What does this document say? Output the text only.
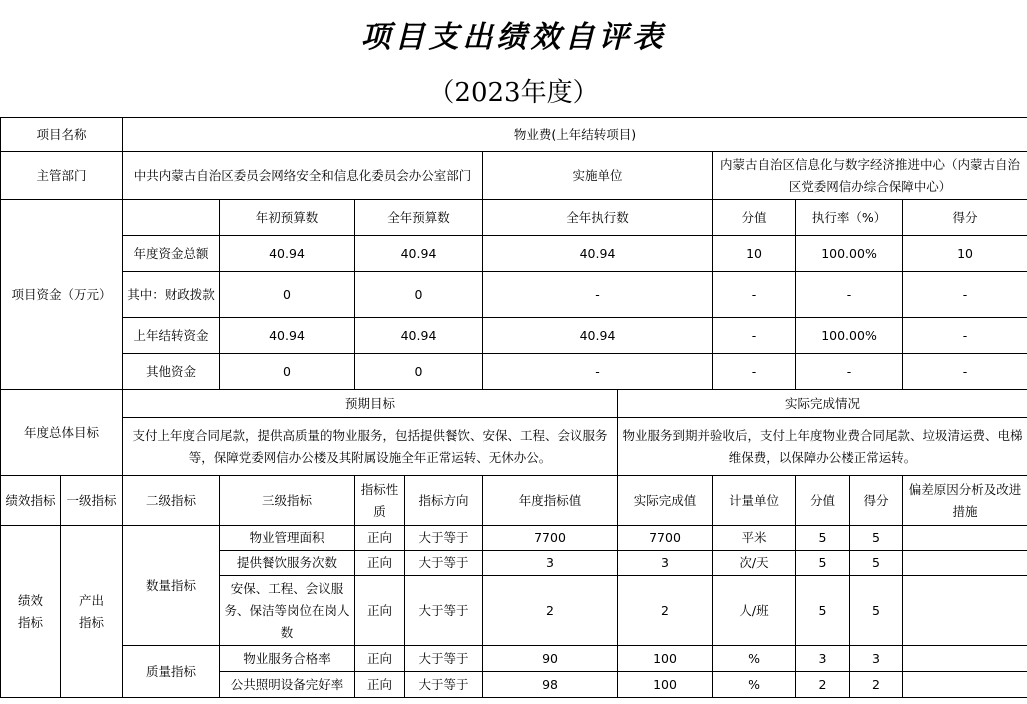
项目支出绩效自评表
（2023年度）
项目名称		物业费(上年结转项目)									
主管部门		中共内蒙古自治区委员会网络安全和信息化委员会办公室部门				实施单位		内蒙古自治区信息化与数字经济推进中心（内蒙古自治区党委网信办综合保障中心）			
项目资金（万元）			年初预算数	全年预算数		全年执行数		分值	执行率（%）		得分
		年度资金总额	40.94	40.94		40.94		10	100.00%		10
		其中：财政拨款	0	0		-		-	-		-
		上年结转资金	40.94	40.94		40.94		-	100.00%		-
		其他资金	0	0		-		-	-		-
年度总体目标		预期目标					实际完成情况				
		支付上年度合同尾款，提供高质量的物业服务，包括提供餐饮、安保、工程、会议服务等，保障党委网信办公楼及其附属设施全年正常运转、无休办公。					物业服务到期并验收后，支付上年度物业费合同尾款、垃圾清运费、电梯维保费，以保障办公楼正常运转。				
绩效指标	一级指标	二级指标	三级指标	指标性质	指标方向	年度指标值	实际完成值	计量单位	分值	得分	偏差原因分析及改进措施
绩效指标	产出指标	数量指标	物业管理面积	正向	大于等于	7700	7700	平米	5	5	
			提供餐饮服务次数	正向	大于等于	3	3	次/天	5	5	
			安保、工程、会议服务、保洁等岗位在岗人数	正向	大于等于	2	2	人/班	5	5	
		质量指标	物业服务合格率	正向	大于等于	90	100	%	3	3	
			公共照明设备完好率	正向	大于等于	98	100	%	2	2	
